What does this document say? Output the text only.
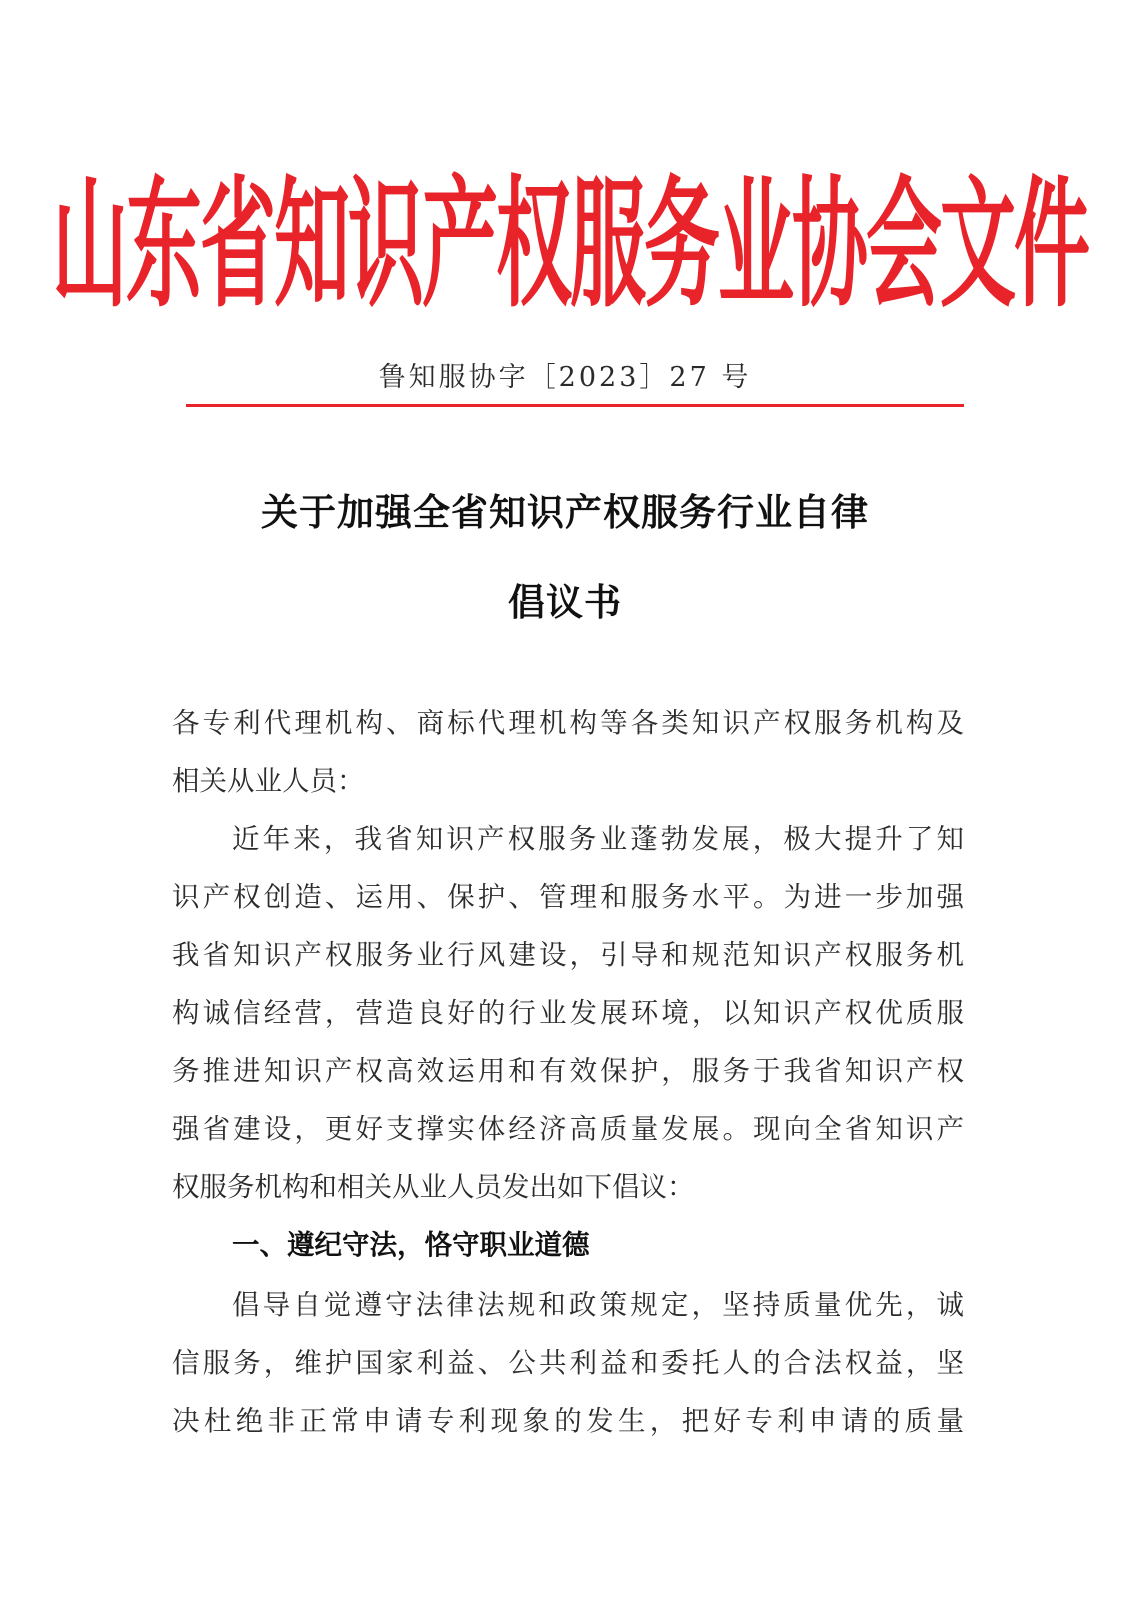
山东省知识产权服务业协会文件
鲁知服协字［2023］27 号
关于加强全省知识产权服务行业自律
倡议书
各专利代理机构、商标代理机构等各类知识产权服务机构及
相关从业人员：
近年来，我省知识产权服务业蓬勃发展，极大提升了知
识产权创造、运用、保护、管理和服务水平。为进一步加强
我省知识产权服务业行风建设，引导和规范知识产权服务机
构诚信经营，营造良好的行业发展环境，以知识产权优质服
务推进知识产权高效运用和有效保护，服务于我省知识产权
强省建设，更好支撑实体经济高质量发展。现向全省知识产
权服务机构和相关从业人员发出如下倡议：
一、遵纪守法，恪守职业道德
倡导自觉遵守法律法规和政策规定，坚持质量优先，诚
信服务，维护国家利益、公共利益和委托人的合法权益，坚
决杜绝非正常申请专利现象的发生，把好专利申请的质量
